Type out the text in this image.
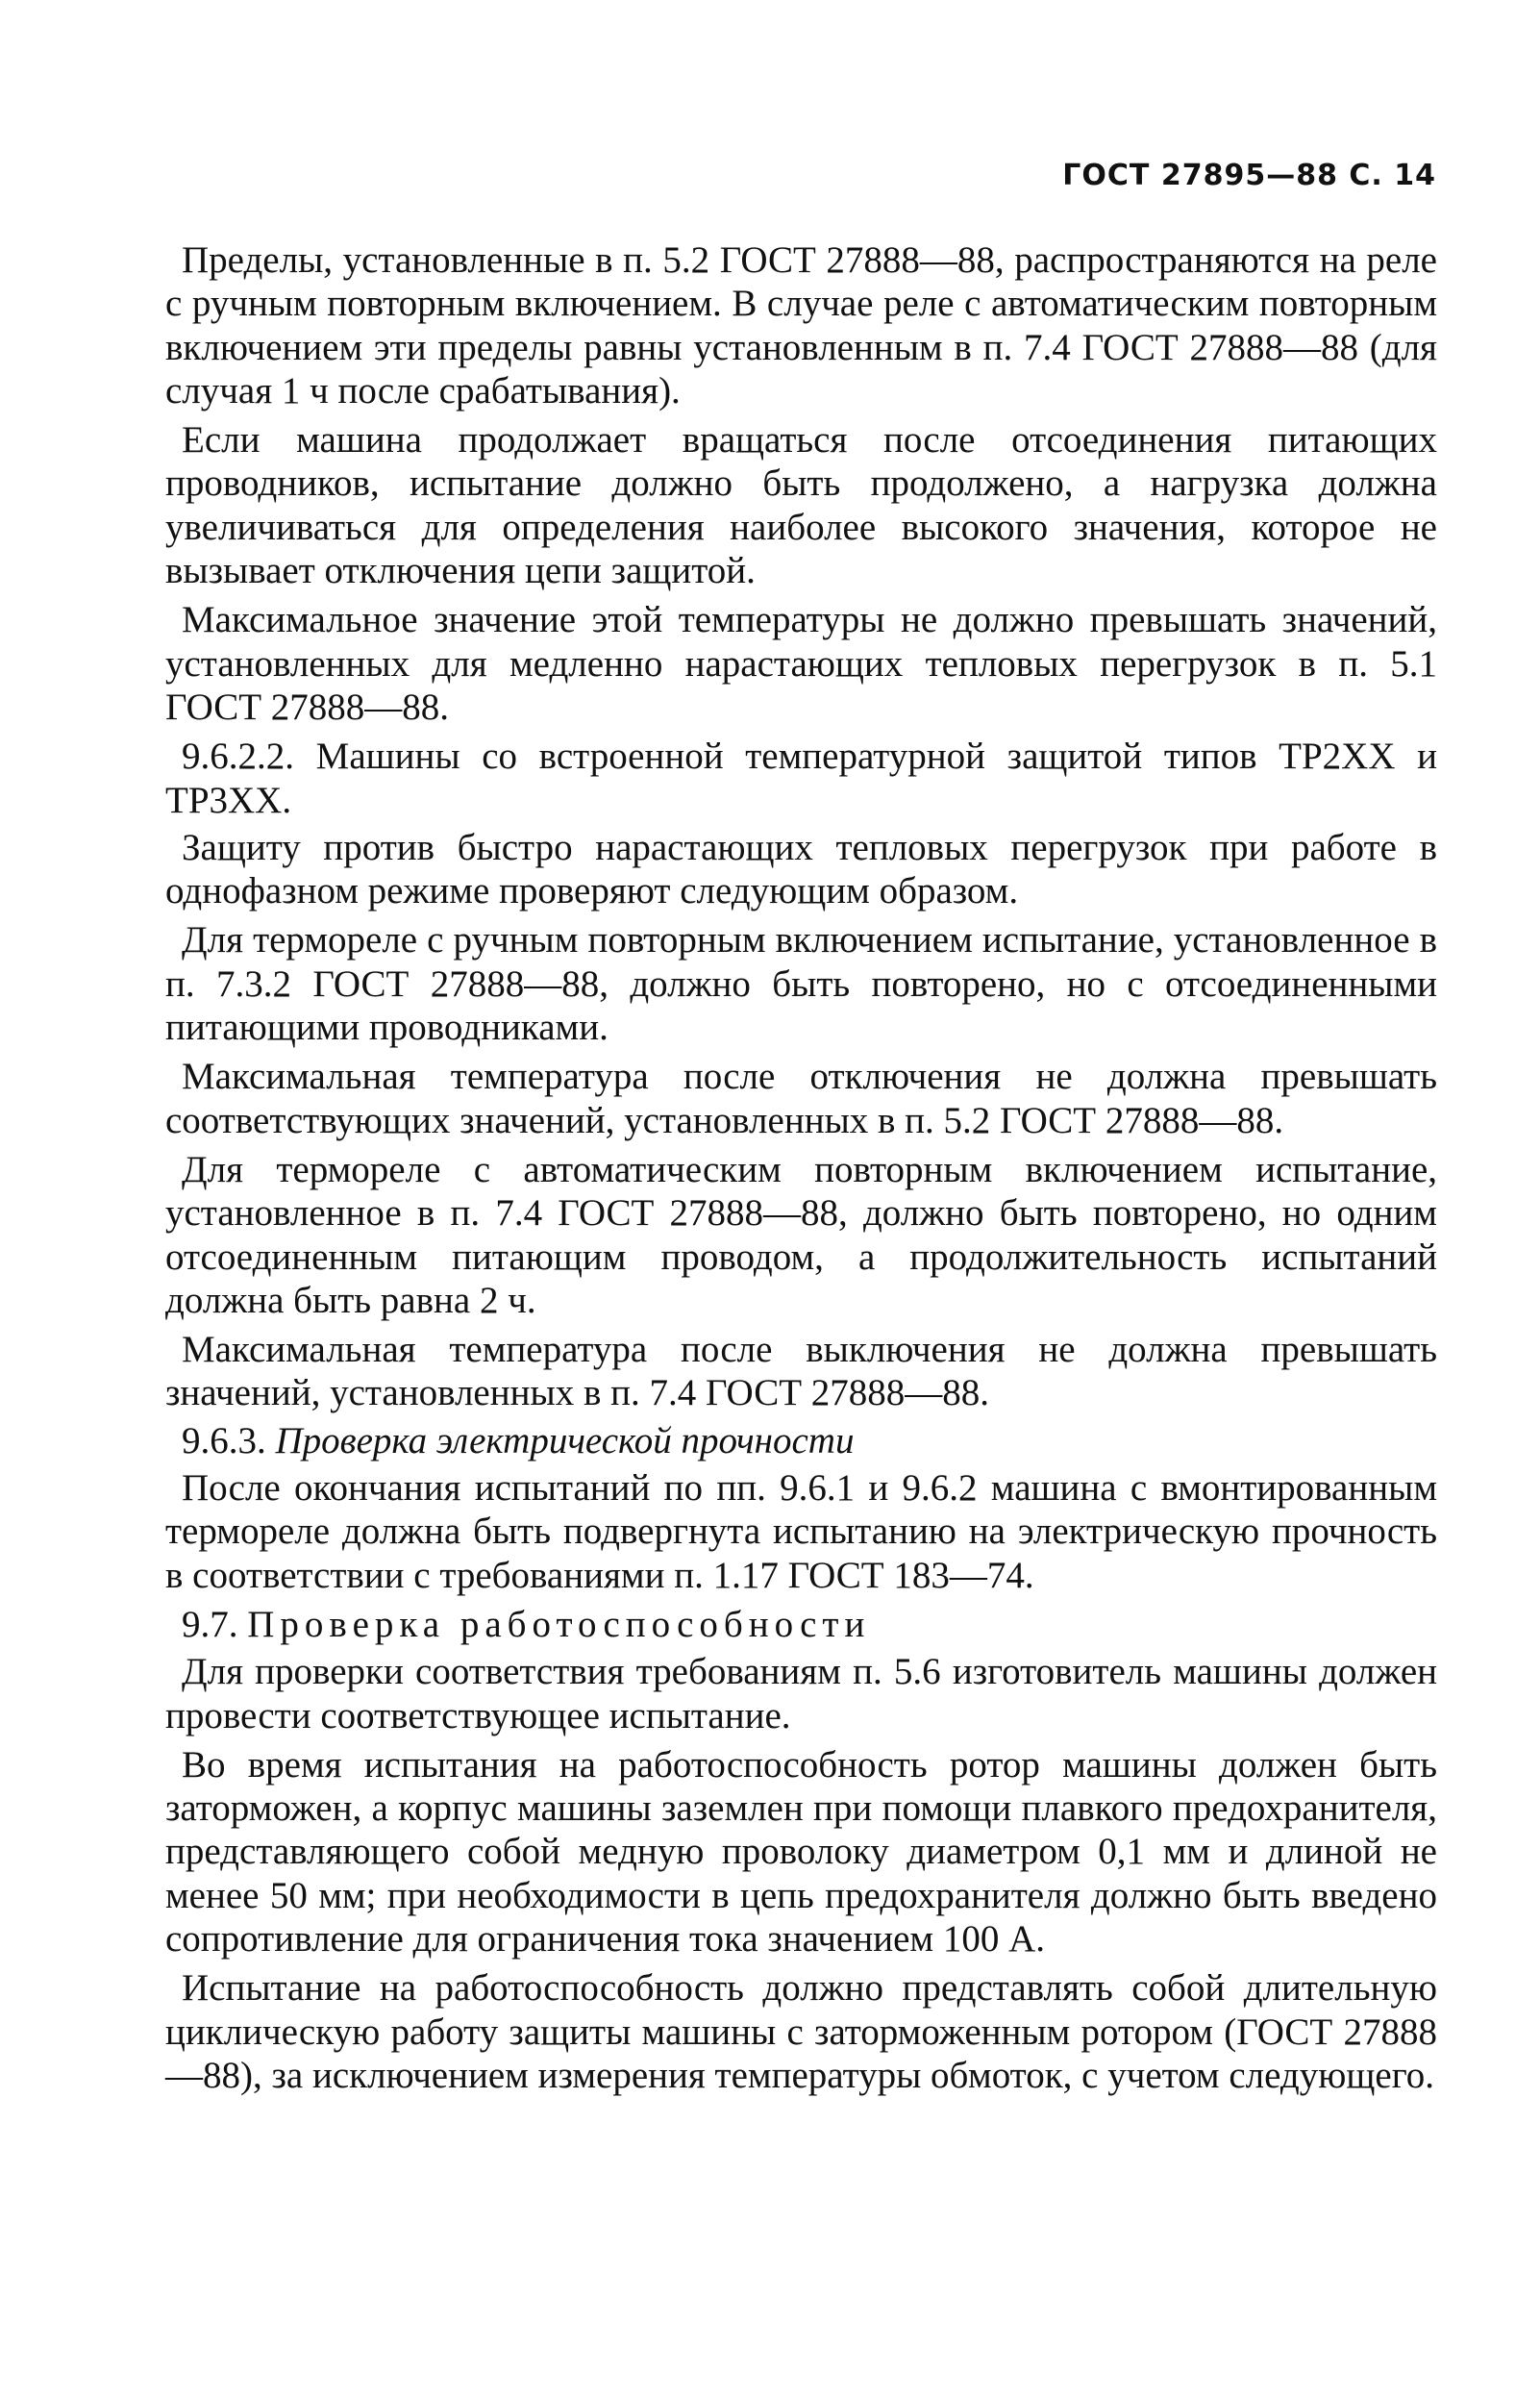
ГОСТ 27895—88 С. 14

Пределы, установленные в п. 5.2 ГОСТ 27888—88, распространяются на реле с ручным повторным включением. В случае реле с автоматическим повторным включением эти пределы равны установленным в п. 7.4 ГОСТ 27888—88 (для случая 1 ч после срабатывания).

Если машина продолжает вращаться после отсоединения питающих проводников, испытание должно быть продолжено, а нагрузка должна увеличиваться для определения наиболее высокого значения, которое не вызывает отключения цепи защитой.

Максимальное значение этой температуры не должно превышать значений, установленных для медленно нарастающих тепловых перегрузок в п. 5.1 ГОСТ 27888—88.

9.6.2.2. Машины со встроенной температурной защитой типов TP2XX и TP3XX.

Защиту против быстро нарастающих тепловых перегрузок при работе в однофазном режиме проверяют следующим образом.

Для термореле с ручным повторным включением испытание, установленное в п. 7.3.2 ГОСТ 27888—88, должно быть повторено, но с отсоединенными питающими проводниками.

Максимальная температура после отключения не должна превышать соответствующих значений, установленных в п. 5.2 ГОСТ 27888—88.

Для термореле с автоматическим повторным включением испытание, установленное в п. 7.4 ГОСТ 27888—88, должно быть повторено, но одним отсоединенным питающим проводом, а продолжительность испытаний должна быть равна 2 ч.

Максимальная температура после выключения не должна превышать значений, установленных в п. 7.4 ГОСТ 27888—88.

9.6.3. Проверка электрической прочности

После окончания испытаний по пп. 9.6.1 и 9.6.2 машина с вмонтированным термореле должна быть подвергнута испытанию на электрическую прочность в соответствии с требованиями п. 1.17 ГОСТ 183—74.

9.7. Проверка работоспособности

Для проверки соответствия требованиям п. 5.6 изготовитель машины должен провести соответствующее испытание.

Во время испытания на работоспособность ротор машины должен быть заторможен, а корпус машины заземлен при помощи плавкого предохранителя, представляющего собой медную проволоку диаметром 0,1 мм и длиной не менее 50 мм; при необходимости в цепь предохранителя должно быть введено сопротивление для ограничения тока значением 100 А.

Испытание на работоспособность должно представлять собой длительную циклическую работу защиты машины с заторможенным ротором (ГОСТ 27888—88), за исключением измерения температуры обмоток, с учетом следующего.
